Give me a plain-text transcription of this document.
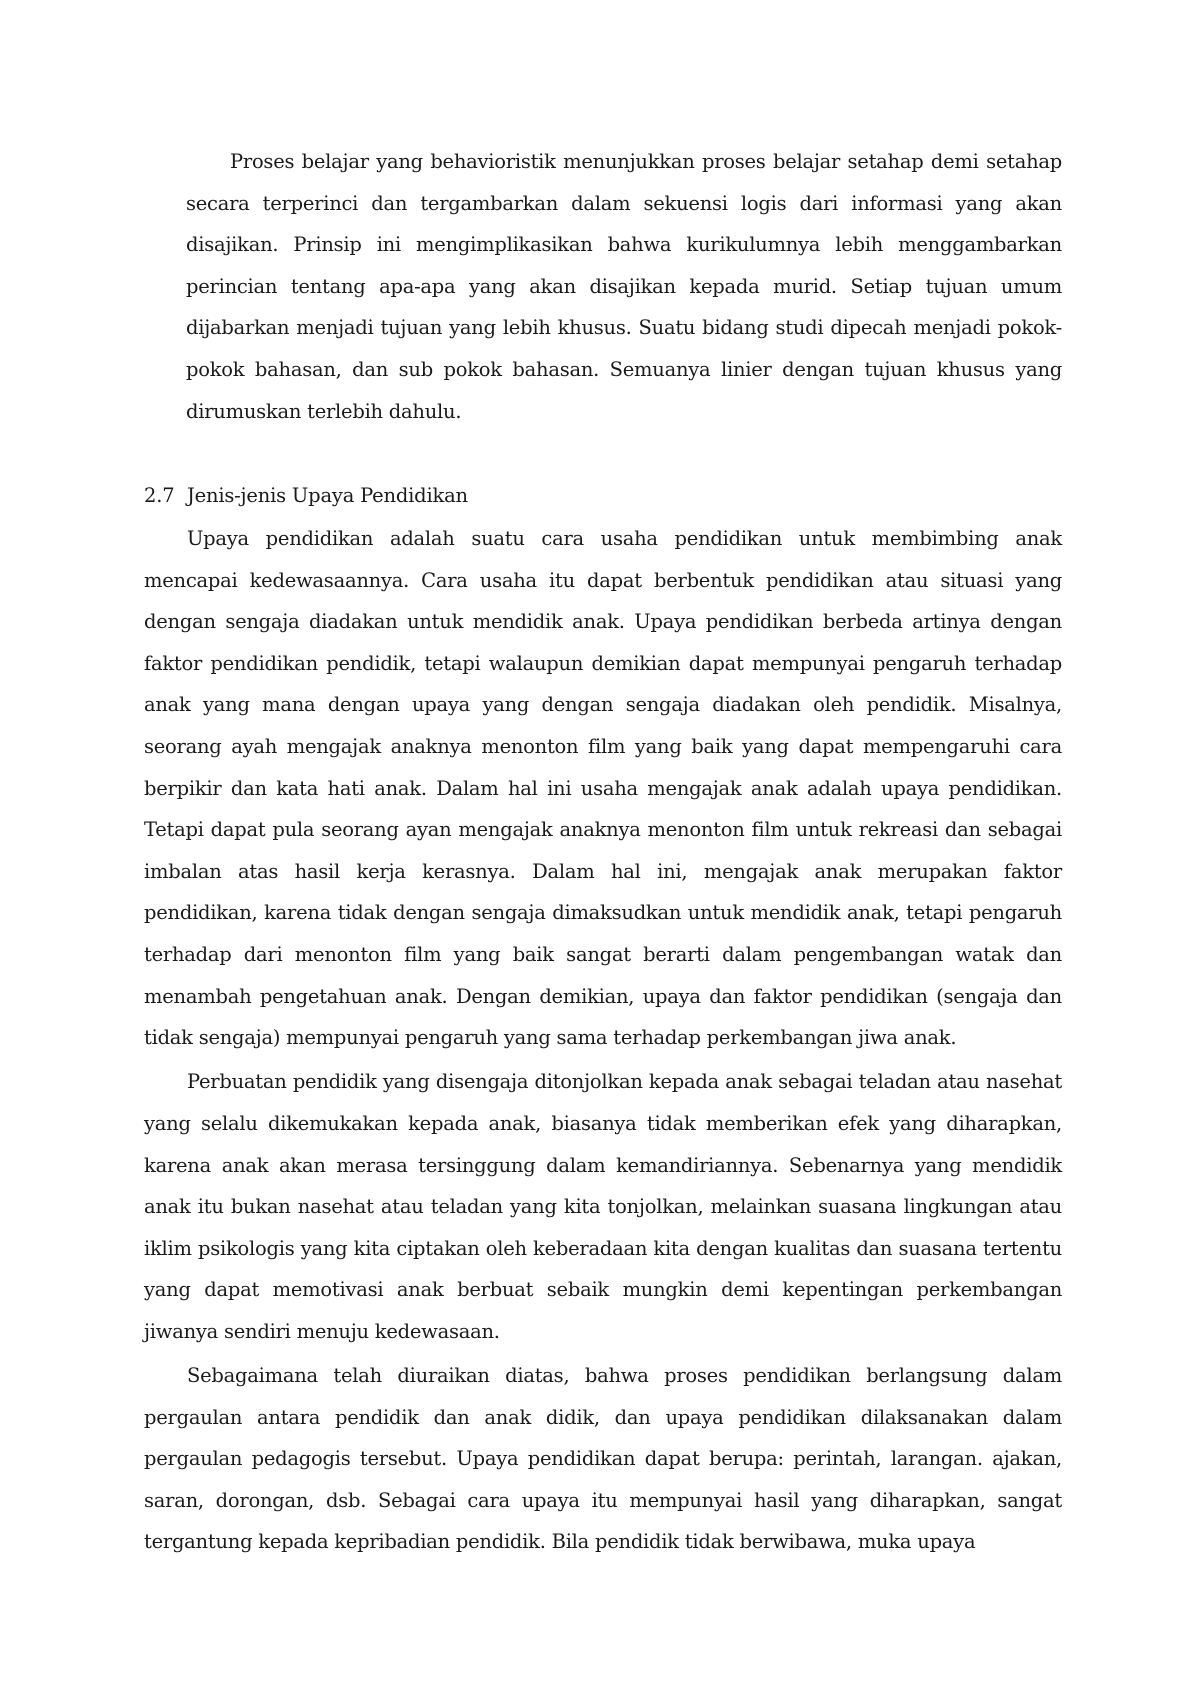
Proses belajar yang behavioristik menunjukkan proses belajar setahap demi setahap secara terperinci dan tergambarkan dalam sekuensi logis dari informasi yang akan disajikan. Prinsip ini mengimplikasikan bahwa kurikulumnya lebih menggambarkan perincian tentang apa-apa yang akan disajikan kepada murid. Setiap tujuan umum dijabarkan menjadi tujuan yang lebih khusus. Suatu bidang studi dipecah menjadi pokok-pokok bahasan, dan sub pokok bahasan. Semuanya linier dengan tujuan khusus yang dirumuskan terlebih dahulu.

2.7 Jenis-jenis Upaya Pendidikan

Upaya pendidikan adalah suatu cara usaha pendidikan untuk membimbing anak mencapai kedewasaannya. Cara usaha itu dapat berbentuk pendidikan atau situasi yang dengan sengaja diadakan untuk mendidik anak. Upaya pendidikan berbeda artinya dengan faktor pendidikan pendidik, tetapi walaupun demikian dapat mempunyai pengaruh terhadap anak yang mana dengan upaya yang dengan sengaja diadakan oleh pendidik. Misalnya, seorang ayah mengajak anaknya menonton film yang baik yang dapat mempengaruhi cara berpikir dan kata hati anak. Dalam hal ini usaha mengajak anak adalah upaya pendidikan. Tetapi dapat pula seorang ayan mengajak anaknya menonton film untuk rekreasi dan sebagai imbalan atas hasil kerja kerasnya. Dalam hal ini, mengajak anak merupakan faktor pendidikan, karena tidak dengan sengaja dimaksudkan untuk mendidik anak, tetapi pengaruh terhadap dari menonton film yang baik sangat berarti dalam pengembangan watak dan menambah pengetahuan anak. Dengan demikian, upaya dan faktor pendidikan (sengaja dan tidak sengaja) mempunyai pengaruh yang sama terhadap perkembangan jiwa anak.

Perbuatan pendidik yang disengaja ditonjolkan kepada anak sebagai teladan atau nasehat yang selalu dikemukakan kepada anak, biasanya tidak memberikan efek yang diharapkan, karena anak akan merasa tersinggung dalam kemandiriannya. Sebenarnya yang mendidik anak itu bukan nasehat atau teladan yang kita tonjolkan, melainkan suasana lingkungan atau iklim psikologis yang kita ciptakan oleh keberadaan kita dengan kualitas dan suasana tertentu yang dapat memotivasi anak berbuat sebaik mungkin demi kepentingan perkembangan jiwanya sendiri menuju kedewasaan.

Sebagaimana telah diuraikan diatas, bahwa proses pendidikan berlangsung dalam pergaulan antara pendidik dan anak didik, dan upaya pendidikan dilaksanakan dalam pergaulan pedagogis tersebut. Upaya pendidikan dapat berupa: perintah, larangan. ajakan, saran, dorongan, dsb. Sebagai cara upaya itu mempunyai hasil yang diharapkan, sangat tergantung kepada kepribadian pendidik. Bila pendidik tidak berwibawa, muka upaya
